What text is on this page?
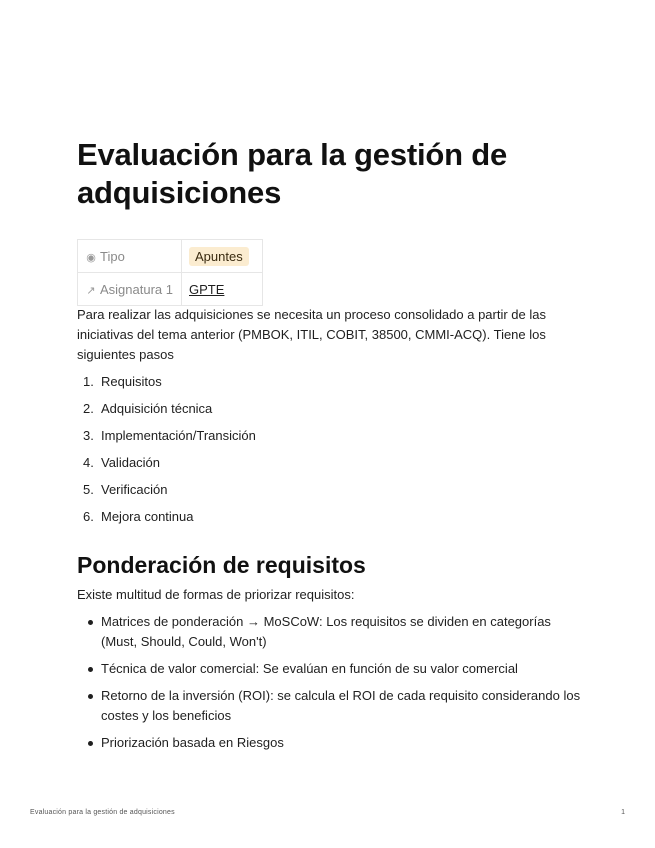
Evaluación para la gestión de adquisiciones
◉ Tipo	Apuntes
↗ Asignatura 1	GPTE

Para realizar las adquisiciones se necesita un proceso consolidado a partir de las iniciativas del tema anterior (PMBOK, ITIL, COBIT, 38500, CMMI-ACQ). Tiene los siguientes pasos

1. Requisitos
2. Adquisición técnica
3. Implementación/Transición
4. Validación
5. Verificación
6. Mejora continua
Ponderación de requisitos

Existe multitud de formas de priorizar requisitos:

Matrices de ponderación → MoSCoW: Los requisitos se dividen en categorías (Must, Should, Could, Won't)
Técnica de valor comercial: Se evalúan en función de su valor comercial
Retorno de la inversión (ROI): se calcula el ROI de cada requisito considerando los costes y los beneficios
Priorización basada en Riesgos
Evaluación para la gestión de adquisiciones	1
